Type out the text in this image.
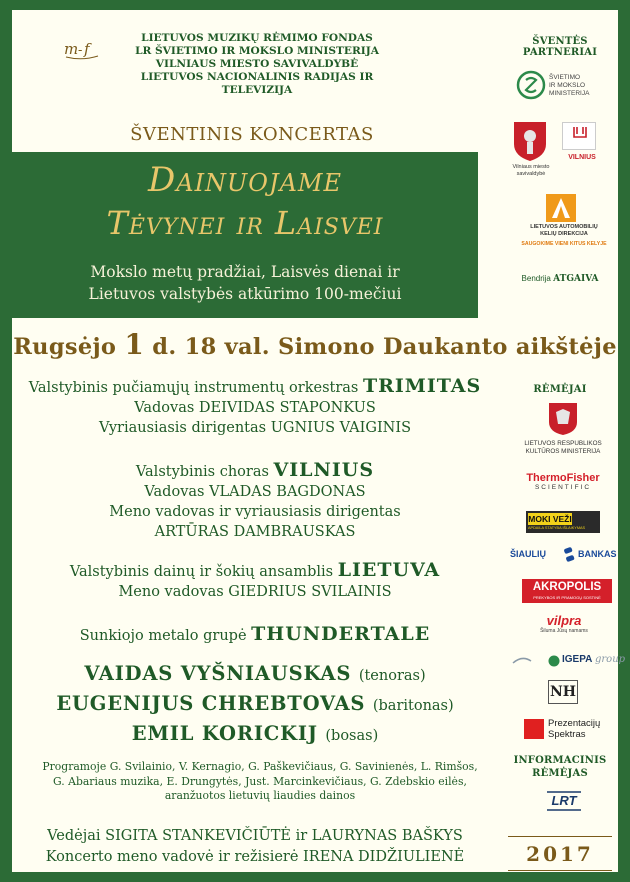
m - f
LIETUVOS MUZIKŲ RĖMIMO FONDAS
LR ŠVIETIMO IR MOKSLO MINISTERIJA
VILNIAUS MIESTO SAVIVALDYBĖ
LIETUVOS NACIONALINIS RADIJAS IR TELEVIZIJA
ŠVENTINIS KONCERTAS
Dainuojame
Tėvynei ir Laisvei
Mokslo metų pradžiai, Laisvės dienai ir
Lietuvos valstybės atkūrimo 100-mečiui
Rugsėjo 1 d. 18 val. Simono Daukanto aikštėje
Valstybinis pučiamųjų instrumentų orkestras TRIMITAS
Vadovas DEIVIDAS STAPONKUS
Vyriausiasis dirigentas UGNIUS VAIGINIS
Valstybinis choras VILNIUS
Vadovas VLADAS BAGDONAS
Meno vadovas ir vyriausiasis dirigentas
ARTŪRAS DAMBRAUSKAS
Valstybinis dainų ir šokių ansamblis LIETUVA
Meno vadovas GIEDRIUS SVILAINIS
Sunkiojo metalo grupė THUNDERTALE
VAIDAS VYŠNIAUSKAS (tenoras)
EUGENIJUS CHREBTOVAS (baritonas)
EMIL KORICKIJ (bosas)
Programoje G. Svilainio, V. Kernagio, G. Paškevičiaus, G. Savinienės, L. Rimšos,
G. Abariaus muzika, E. Drungytės, Just. Marcinkevičiaus, G. Zdebskio eilės,
aranžuotos lietuvių liaudies dainos
Vedėjai SIGITA STANKEVIČIŪTĖ ir LAURYNAS BAŠKYS
Koncerto meno vadovė ir režisierė IRENA DIDŽIULIENĖ
ŠVENTĖS PARTNERIAI
ŠVIETIMO
IR MOKSLO
MINISTERIJA
Vilniaus miesto
savivaldybė
VILNIUS
LIETUVOS AUTOMOBILIŲ
KELIŲ DIREKCIJA
SAUGOKIME VIENI KITUS KELYJE
Bendrija ATGAIVA
RĖMĖJAI
LIETUVOS RESPUBLIKOS
KULTŪROS MINISTERIJA
ThermoFisher
SCIENTIFIC
MOKI VEŽI
APDAILA STATYBA IŠLAIKYMAS
ŠIAULIŲ	BANKAS
AKROPOLIS
PREKYBOS IR PRAMOGŲ SOSTINĖ
vilpra
Šiluma Jūsų namams
IGEPA group
NH
Prezentacijų
Spektras
INFORMACINIS
RĖMĖJAS
LRT
2017
